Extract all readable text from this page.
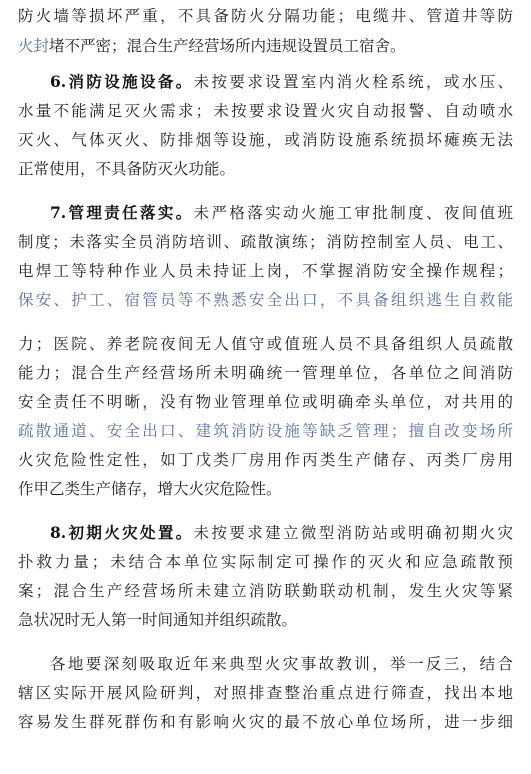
防火墙等损坏严重，不具备防火分隔功能；电缆井、管道井等防
火封堵不严密；混合生产经营场所内违规设置员工宿舍。
6.消防设施设备。未按要求设置室内消火栓系统，或水压、
水量不能满足灭火需求；未按要求设置火灾自动报警、自动喷水
灭火、气体灭火、防排烟等设施，或消防设施系统损坏瘫痪无法
正常使用，不具备防灭火功能。
7.管理责任落实。未严格落实动火施工审批制度、夜间值班
制度；未落实全员消防培训、疏散演练；消防控制室人员、电工、
电焊工等特种作业人员未持证上岗，不掌握消防安全操作规程；
保安、护工、宿管员等不熟悉安全出口，不具备组织逃生自救能
力；医院、养老院夜间无人值守或值班人员不具备组织人员疏散
能力；混合生产经营场所未明确统一管理单位，各单位之间消防
安全责任不明晰，没有物业管理单位或明确牵头单位，对共用的
疏散通道、安全出口、建筑消防设施等缺乏管理；擅自改变场所
火灾危险性定性，如丁戊类厂房用作丙类生产储存、丙类厂房用
作甲乙类生产储存，增大火灾危险性。
8.初期火灾处置。未按要求建立微型消防站或明确初期火灾
扑救力量；未结合本单位实际制定可操作的灭火和应急疏散预
案；混合生产经营场所未建立消防联勤联动机制，发生火灾等紧
急状况时无人第一时间通知并组织疏散。
各地要深刻吸取近年来典型火灾事故教训，举一反三，结合
辖区实际开展风险研判，对照排查整治重点进行筛查，找出本地
容易发生群死群伤和有影响火灾的最不放心单位场所，进一步细
